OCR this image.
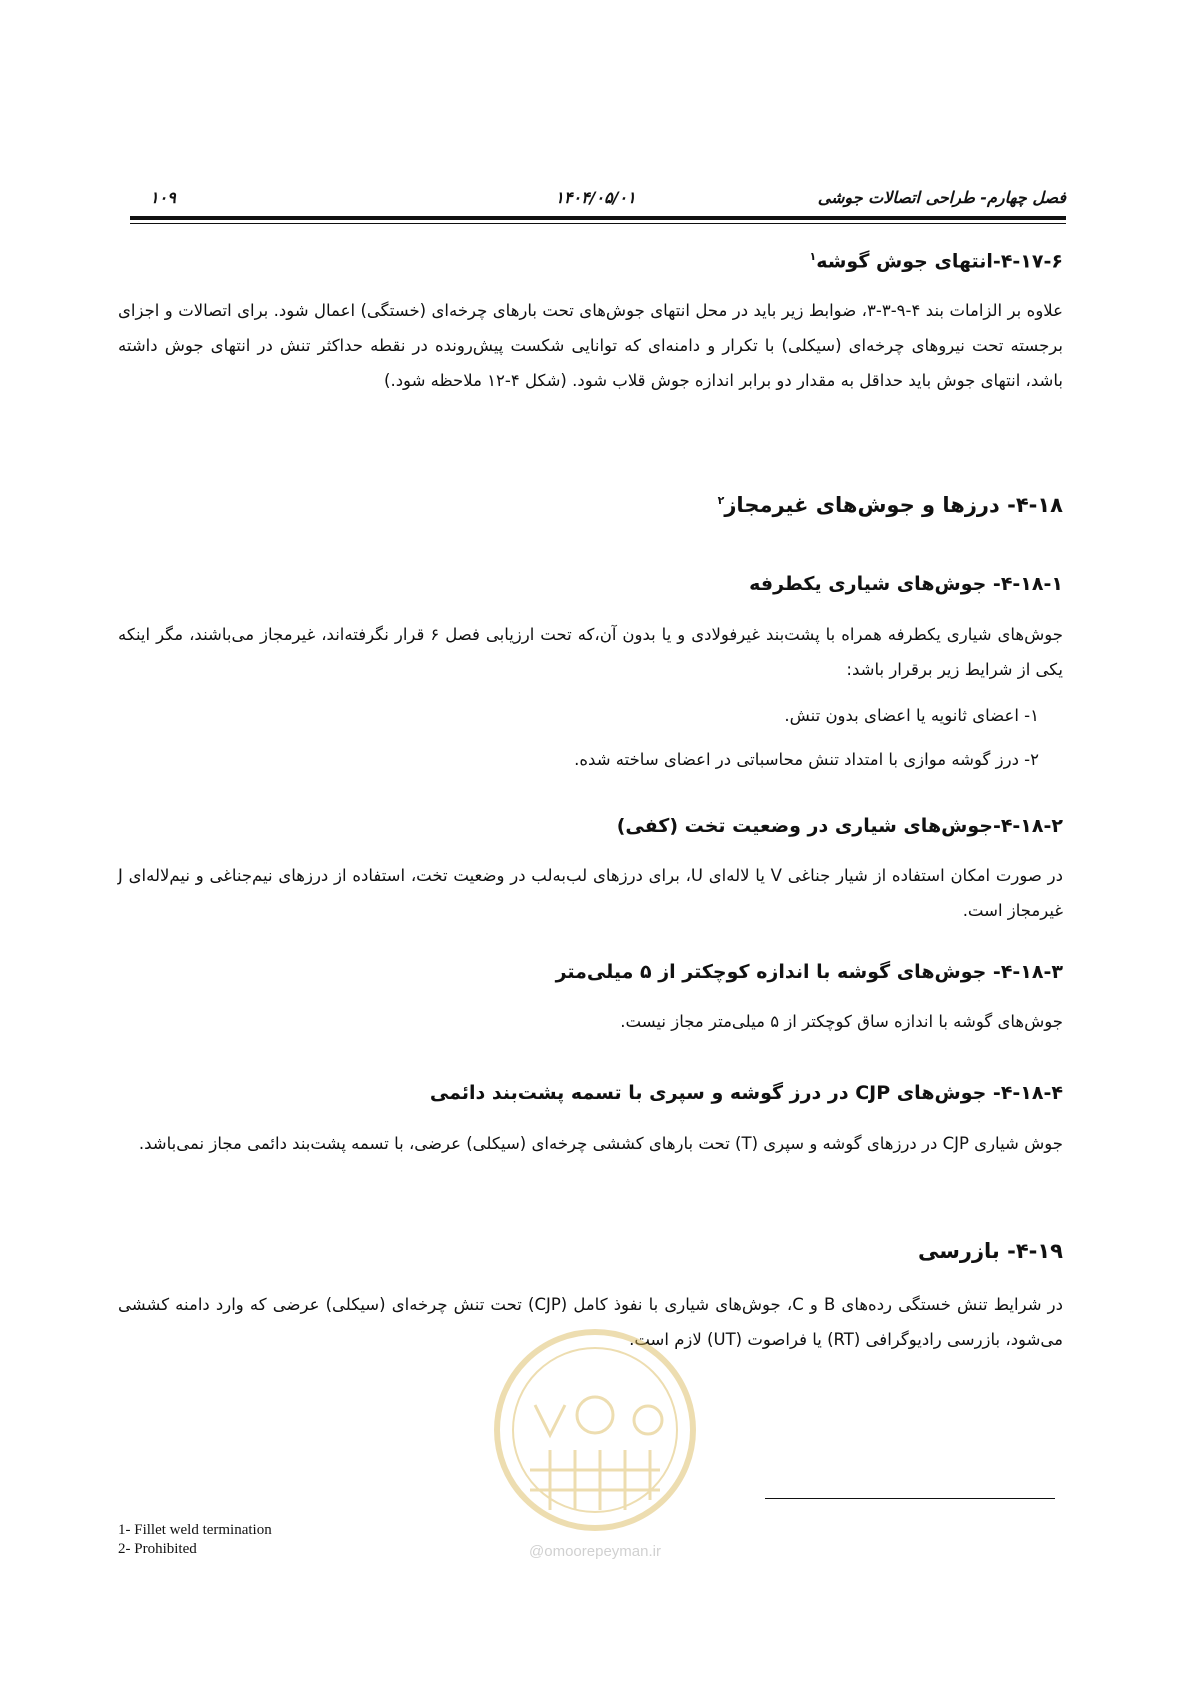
۱۰۹	۱۴۰۴/۰۵/۰۱	فصل چهارم- طراحی اتصالات جوشی
۴-۱۷-۶-انتهای جوش گوشه$^۱$
علاوه بر الزامات بند ۴-۹-۳-۳، ضوابط زیر باید در محل انتهای جوش‌های تحت بارهای چرخه‌ای (خستگی) اعمال شود. برای اتصالات و اجزای برجسته تحت نیروهای چرخه‌ای (سیکلی) با تکرار و دامنه‌ای که توانایی شکست پیش‌رونده در نقطه حداکثر تنش در انتهای جوش داشته باشد، انتهای جوش باید حداقل به مقدار دو برابر اندازه جوش قلاب شود. (شکل ۴-۱۲ ملاحظه شود.)
۴-۱۸- درزها و جوش‌های غیرمجاز$^۲$
۴-۱۸-۱- جوش‌های شیاری یکطرفه
جوش‌های شیاری یکطرفه همراه با پشت‌بند غیرفولادی و یا بدون آن،که تحت ارزیابی فصل ۶ قرار نگرفته‌اند، غیرمجاز می‌باشند، مگر اینکه یکی از شرایط زیر برقرار باشد:
۱- اعضای ثانویه یا اعضای بدون تنش.
۲- درز گوشه موازی با امتداد تنش محاسباتی در اعضای ساخته شده.
۴-۱۸-۲-جوش‌های شیاری در وضعیت تخت (کفی)
در صورت امکان استفاده از شیار جناغی V یا لاله‌ای U، برای درزهای لب‌به‌لب در وضعیت تخت، استفاده از درزهای نیم‌جناغی و نیم‌لاله‌ای J غیرمجاز است.
۴-۱۸-۳- جوش‌های گوشه با اندازه کوچکتر از ۵ میلی‌متر
جوش‌های گوشه با اندازه ساق کوچکتر از ۵ میلی‌متر مجاز نیست.
۴-۱۸-۴- جوش‌های CJP در درز گوشه و سپری با تسمه پشت‌بند دائمی
جوش شیاری CJP در درزهای گوشه و سپری (T) تحت بارهای کششی چرخه‌ای (سیکلی) عرضی، با تسمه پشت‌بند دائمی مجاز نمی‌باشد.
۴-۱۹- بازرسی
در شرایط تنش خستگی رده‌های B و C، جوش‌های شیاری با نفوذ کامل (CJP) تحت تنش چرخه‌ای (سیکلی) عرضی که وارد دامنه کششی می‌شود، بازرسی رادیوگرافی (RT) یا فراصوت (UT) لازم است.
@omoorepeyman.ir
1- Fillet weld termination
2- Prohibited
